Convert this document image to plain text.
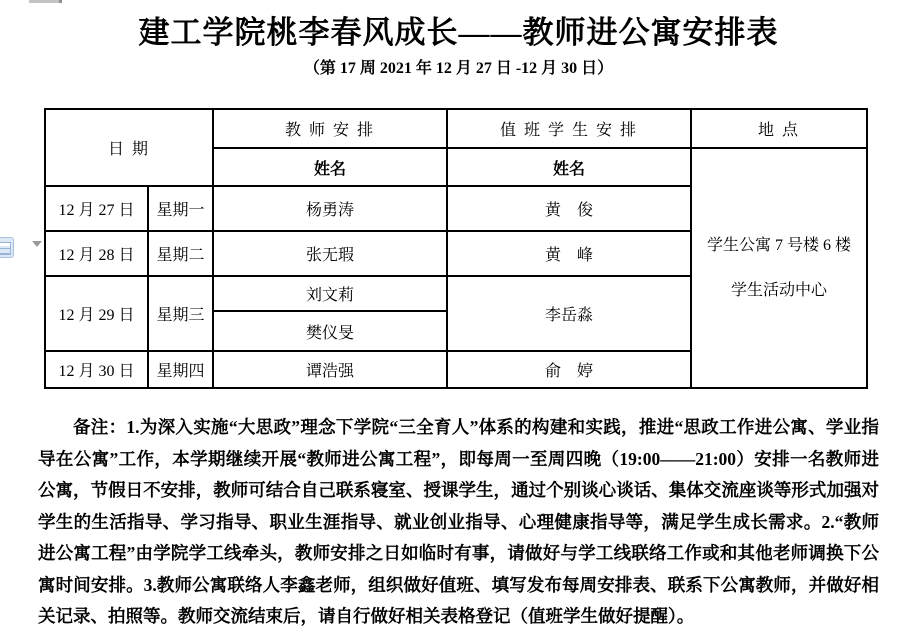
建工学院桃李春风成长——教师进公寓安排表
（第 17 周 2021 年 12 月 27 日 -12 月 30 日）
日 期		教 师 安 排	值 班 学 生 安 排	地 点
		姓名	姓名	学生公寓 7 号楼 6 楼
学生活动中心

12 月 27 日	星期一	杨勇涛	黄　俊	
12 月 28 日	星期二	张无瑕	黄　峰	
12 月 29 日	星期三	刘文莉	李岳淼	
		樊仪旻		
12 月 30 日	星期四	谭浩强	俞　婷	
备注：1.为深入实施“大思政”理念下学院“三全育人”体系的构建和实践，推进“思政工作进公寓、学业指导在公寓”工作，本学期继续开展“教师进公寓工程”，即每周一至周四晚（19:00——21:00）安排一名教师进公寓，节假日不安排，教师可结合自己联系寝室、授课学生，通过个别谈心谈话、集体交流座谈等形式加强对学生的生活指导、学习指导、职业生涯指导、就业创业指导、心理健康指导等，满足学生成长需求。2.“教师进公寓工程”由学院学工线牵头，教师安排之日如临时有事，请做好与学工线联络工作或和其他老师调换下公寓时间安排。3.教师公寓联络人李鑫老师，组织做好值班、填写发布每周安排表、联系下公寓教师，并做好相关记录、拍照等。教师交流结束后，请自行做好相关表格登记（值班学生做好提醒）。
